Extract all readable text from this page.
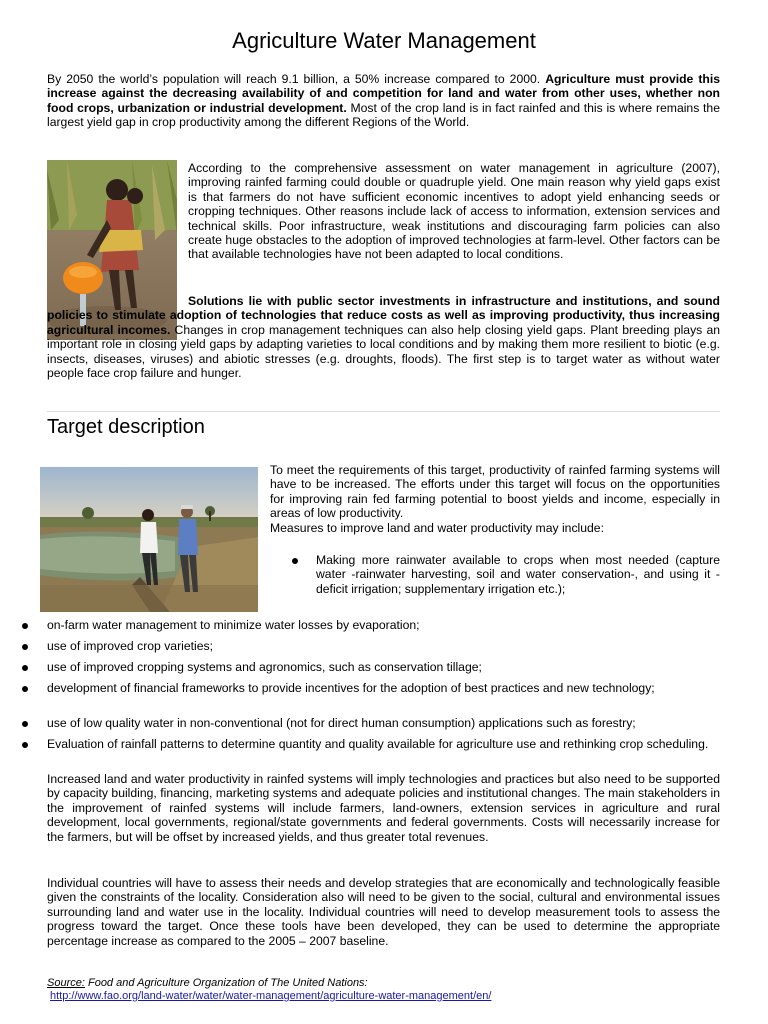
Agriculture Water Management

By 2050 the world’s population will reach 9.1 billion, a 50% increase compared to 2000. Agriculture must provide this increase against the decreasing availability of and competition for land and water from other uses, whether non food crops, urbanization or industrial development. Most of the crop land is in fact rainfed and this is where remains the largest yield gap in crop productivity among the different Regions of the World.

According to the comprehensive assessment on water management in agriculture (2007), improving rainfed farming could double or quadruple yield. One main reason why yield gaps exist is that farmers do not have sufficient economic incentives to adopt yield enhancing seeds or cropping techniques. Other reasons include lack of access to information, extension services and technical skills. Poor infrastructure, weak institutions and discouraging farm policies can also create huge obstacles to the adoption of improved technologies at farm-level. Other factors can be that available technologies have not been adapted to local conditions.

Solutions lie with public sector investments in infrastructure and institutions, and sound policies to stimulate adoption of technologies that reduce costs as well as improving productivity, thus increasing agricultural incomes. Changes in crop management techniques can also help closing yield gaps. Plant breeding plays an important role in closing yield gaps by adapting varieties to local conditions and by making them more resilient to biotic (e.g. insects, diseases, viruses) and abiotic stresses (e.g. droughts, floods). The first step is to target water as without water people face crop failure and hunger.

Target description

To meet the requirements of this target, productivity of rainfed farming systems will have to be increased. The efforts under this target will focus on the opportunities for improving rain fed farming potential to boost yields and income, especially in areas of low productivity.

Measures to improve land and water productivity may include:

Making more rainwater available to crops when most needed (capture water -rainwater harvesting, soil and water conservation-, and using it -deficit irrigation; supplementary irrigation etc.);

on-farm water management to minimize water losses by evaporation;

use of improved crop varieties;

use of improved cropping systems and agronomics, such as conservation tillage;

development of financial frameworks to provide incentives for the adoption of best practices and new technology;

use of low quality water in non-conventional (not for direct human consumption) applications such as forestry;

Evaluation of rainfall patterns to determine quantity and quality available for agriculture use and rethinking crop scheduling.

Increased land and water productivity in rainfed systems will imply technologies and practices but also need to be supported by capacity building, financing, marketing systems and adequate policies and institutional changes. The main stakeholders in the improvement of rainfed systems will include farmers, land-owners, extension services in agriculture and rural development, local governments, regional/state governments and federal governments. Costs will necessarily increase for the farmers, but will be offset by increased yields, and thus greater total revenues.

Individual countries will have to assess their needs and develop strategies that are economically and technologically feasible given the constraints of the locality. Consideration also will need to be given to the social, cultural and environmental issues surrounding land and water use in the locality. Individual countries will need to develop measurement tools to assess the progress toward the target. Once these tools have been developed, they can be used to determine the appropriate percentage increase as compared to the 2005 – 2007 baseline.

Source: Food and Agriculture Organization of The United Nations:
http://www.fao.org/land-water/water/water-management/agriculture-water-management/en/
